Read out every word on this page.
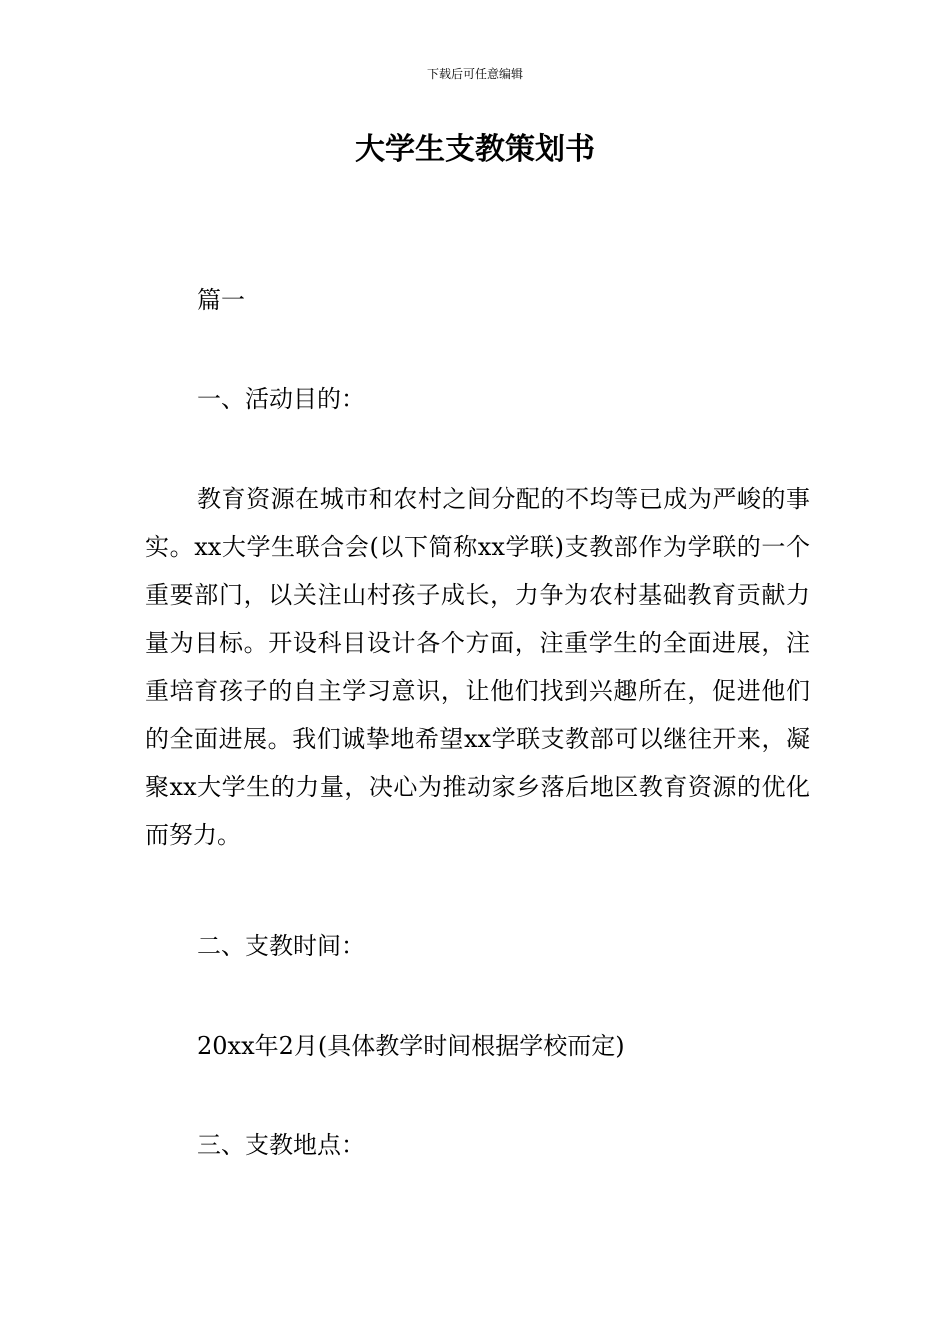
下载后可任意编辑
大学生支教策划书

篇一

一、活动目的：

教育资源在城市和农村之间分配的不均等已成为严峻的事实。xx大学生联合会(以下简称xx学联)支教部作为学联的一个重要部门，以关注山村孩子成长，力争为农村基础教育贡献力量为目标。开设科目设计各个方面，注重学生的全面进展，注重培育孩子的自主学习意识，让他们找到兴趣所在，促进他们的全面进展。我们诚挚地希望xx学联支教部可以继往开来，凝聚xx大学生的力量，决心为推动家乡落后地区教育资源的优化而努力。

二、支教时间：

20xx年2月(具体教学时间根据学校而定)

三、支教地点：
